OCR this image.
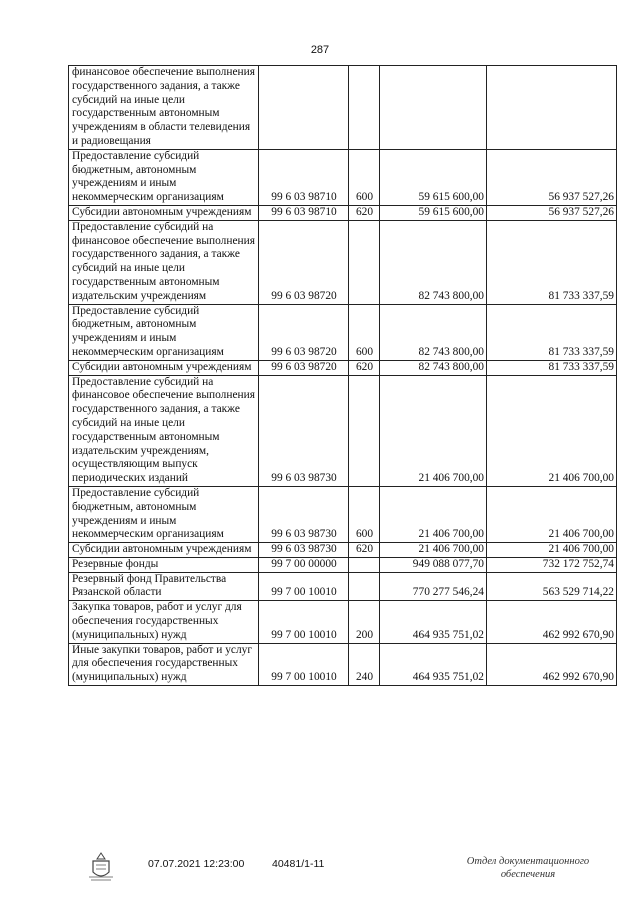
287
финансовое обеспечение выполнения государственного задания, а также субсидий на иные цели государственным автономным учреждениям в области телевидения и радиовещания				
Предоставление субсидий бюджетным, автономным учреждениям и иным некоммерческим организациям	99 6 03 98710	600	59 615 600,00	56 937 527,26
Субсидии автономным учреждениям	99 6 03 98710	620	59 615 600,00	56 937 527,26
Предоставление субсидий на финансовое обеспечение выполнения государственного задания, а также субсидий на иные цели государственным автономным издательским учреждениям	99 6 03 98720		82 743 800,00	81 733 337,59
Предоставление субсидий бюджетным, автономным учреждениям и иным некоммерческим организациям	99 6 03 98720	600	82 743 800,00	81 733 337,59
Субсидии автономным учреждениям	99 6 03 98720	620	82 743 800,00	81 733 337,59
Предоставление субсидий на финансовое обеспечение выполнения государственного задания, а также субсидий на иные цели государственным автономным издательским учреждениям, осуществляющим выпуск периодических изданий	99 6 03 98730		21 406 700,00	21 406 700,00
Предоставление субсидий бюджетным, автономным учреждениям и иным некоммерческим организациям	99 6 03 98730	600	21 406 700,00	21 406 700,00
Субсидии автономным учреждениям	99 6 03 98730	620	21 406 700,00	21 406 700,00
Резервные фонды	99 7 00 00000		949 088 077,70	732 172 752,74
Резервный фонд Правительства Рязанской области	99 7 00 10010		770 277 546,24	563 529 714,22
Закупка товаров, работ и услуг для обеспечения государственных (муниципальных) нужд	99 7 00 10010	200	464 935 751,02	462 992 670,90
Иные закупки товаров, работ и услуг для обеспечения государственных (муниципальных) нужд	99 7 00 10010	240	464 935 751,02	462 992 670,90
07.07.2021 12:23:00	40481/1-11	Отдел документационного
обеспечения
